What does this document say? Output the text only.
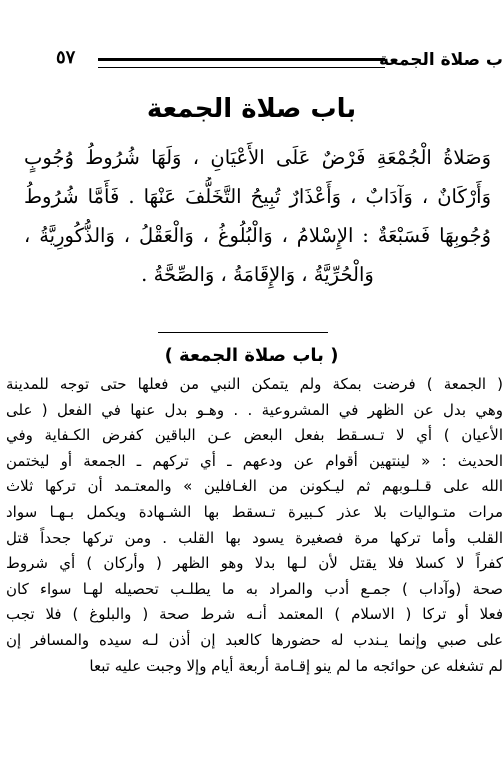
ب صلاة الجمعة
٥٧
باب صلاة الجمعة
وَصَلاةُ الْجُمْعَةِ فَرْضٌ عَلَى الأَعْيَانِ ، وَلَهَا شُرُوطُ وُجُوبٍ
وَأَرْكَانٌ ، وَآدَابٌ ، وَأَعْذَارٌ تُبِيحُ التَّخَلُّفَ عَنْهَا . فَأَمَّا شُرُوطُ
وُجُوبِهَا فَسَبْعَةٌ : الإِسْلامُ ، وَالْبُلُوغُ ، وَالْعَقْلُ ، وَالذُّكُورِيَّةُ ،
وَالْحُرِّيَّةُ ، وَالإِقَامَةُ ، وَالصِّحَّةُ .
( باب صلاة الجمعة )
( الجمعة ) فرضت بمكة ولم يتمكن النبي من فعلها حتى توجه للمدينة
وهي بدل عن الظهر في المشروعية . . وهـو بدل عنها في الفعل ( على
الأعيان ) أي لا تـسـقط بفعل البعض عـن الباقين كفرض الكـفاية وفي
الحديث : « لينتهين أقوام عن ودعهم ـ أي تركهم ـ الجمعة أو ليختمن
الله على قـلـوبهم ثم ليـكونن من الغـافلين » والمعتـمد أن تركها ثلاث
مرات متـواليات بلا عذر كـبيرة تـسقط بها الشـهادة ويكمل بـهـا سواد
القلب وأما تركها مرة فصغيرة يسود بها القلب . ومن تركها جحداً قتل
كفراً لا كسلا فلا يقتل لأن لـها بدلا وهو الظهر ( وأركان ) أي شروط
صحة (وآداب ) جمـع أدب والمراد به ما يطلـب تحصيله لهـا سواء كان
فعلا أو تركا ( الاسلام ) المعتمد أنـه شرط صحة ( والبلوغ ) فلا تجب
على صبي وإنما يـندب له حضورها كالعبد إن أذن لـه سيده والمسافر إن
لم تشغله عن حوائجه ما لم ينو إقـامة أربعة أيام وإلا وجبت عليه تبعا
